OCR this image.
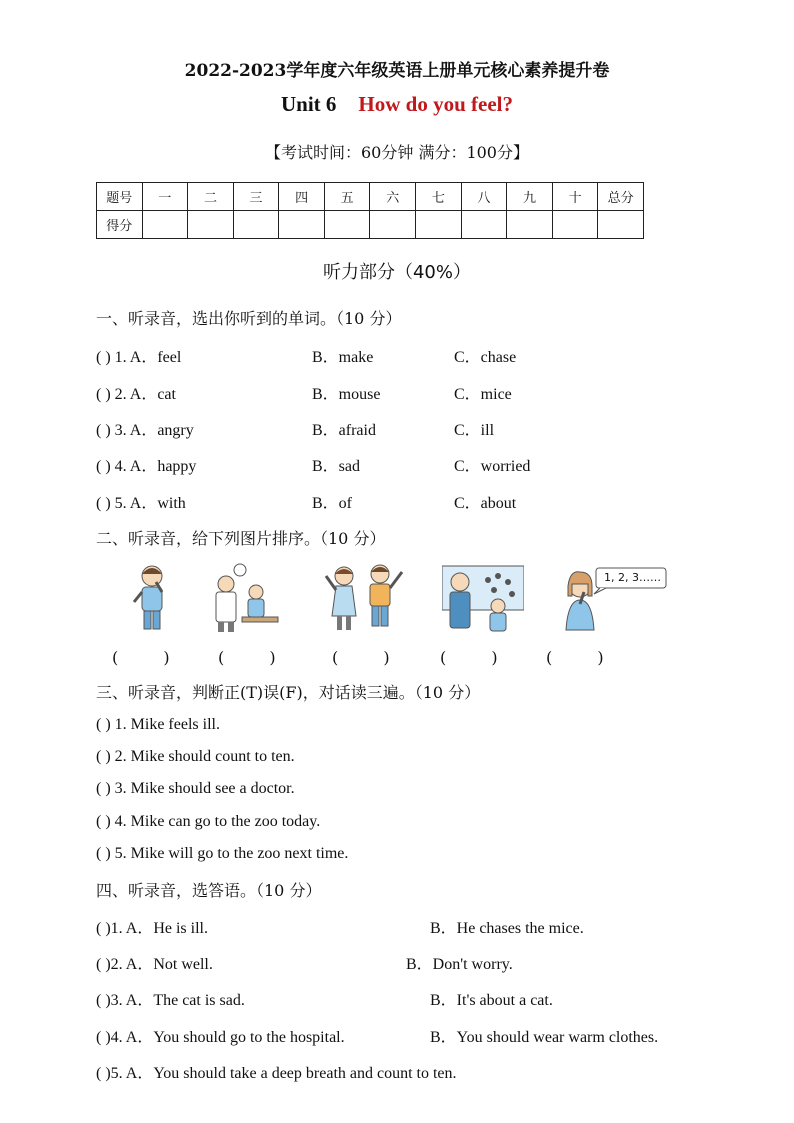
2022-2023学年度六年级英语上册单元核心素养提升卷
Unit 6 How do you feel?
【考试时间：60分钟 满分：100分】
题号	一	二	三	四	五	六	七	八	九	十	总分
得分											
听力部分（40%）
一、听录音，选出你听到的单词。（10 分）
( ) 1. A．feel	B．make	C．chase
( ) 2. A．cat	B．mouse	C．mice
( ) 3. A．angry	B．afraid	C．ill
( ) 4. A．happy	B．sad	C．worried
( ) 5. A．with	B．of	C．about
二、听录音，给下列图片排序。（10 分）
1, 2, 3……
( )	( )	( )	( )	( )
三、听录音，判断正(T)误(F)，对话读三遍。（10 分）
( ) 1. Mike feels ill.
( ) 2. Mike should count to ten.
( ) 3. Mike should see a doctor.
( ) 4. Mike can go to the zoo today.
( ) 5. Mike will go to the zoo next time.
四、听录音，选答语。（10 分）
( )1. A．He is ill.	B．He chases the mice.
( )2. A．Not well.	B．Don't worry.
( )3. A．The cat is sad.	B．It's about a cat.
( )4. A．You should go to the hospital.	B．You should wear warm clothes.
( )5. A．You should take a deep breath and count to ten.
